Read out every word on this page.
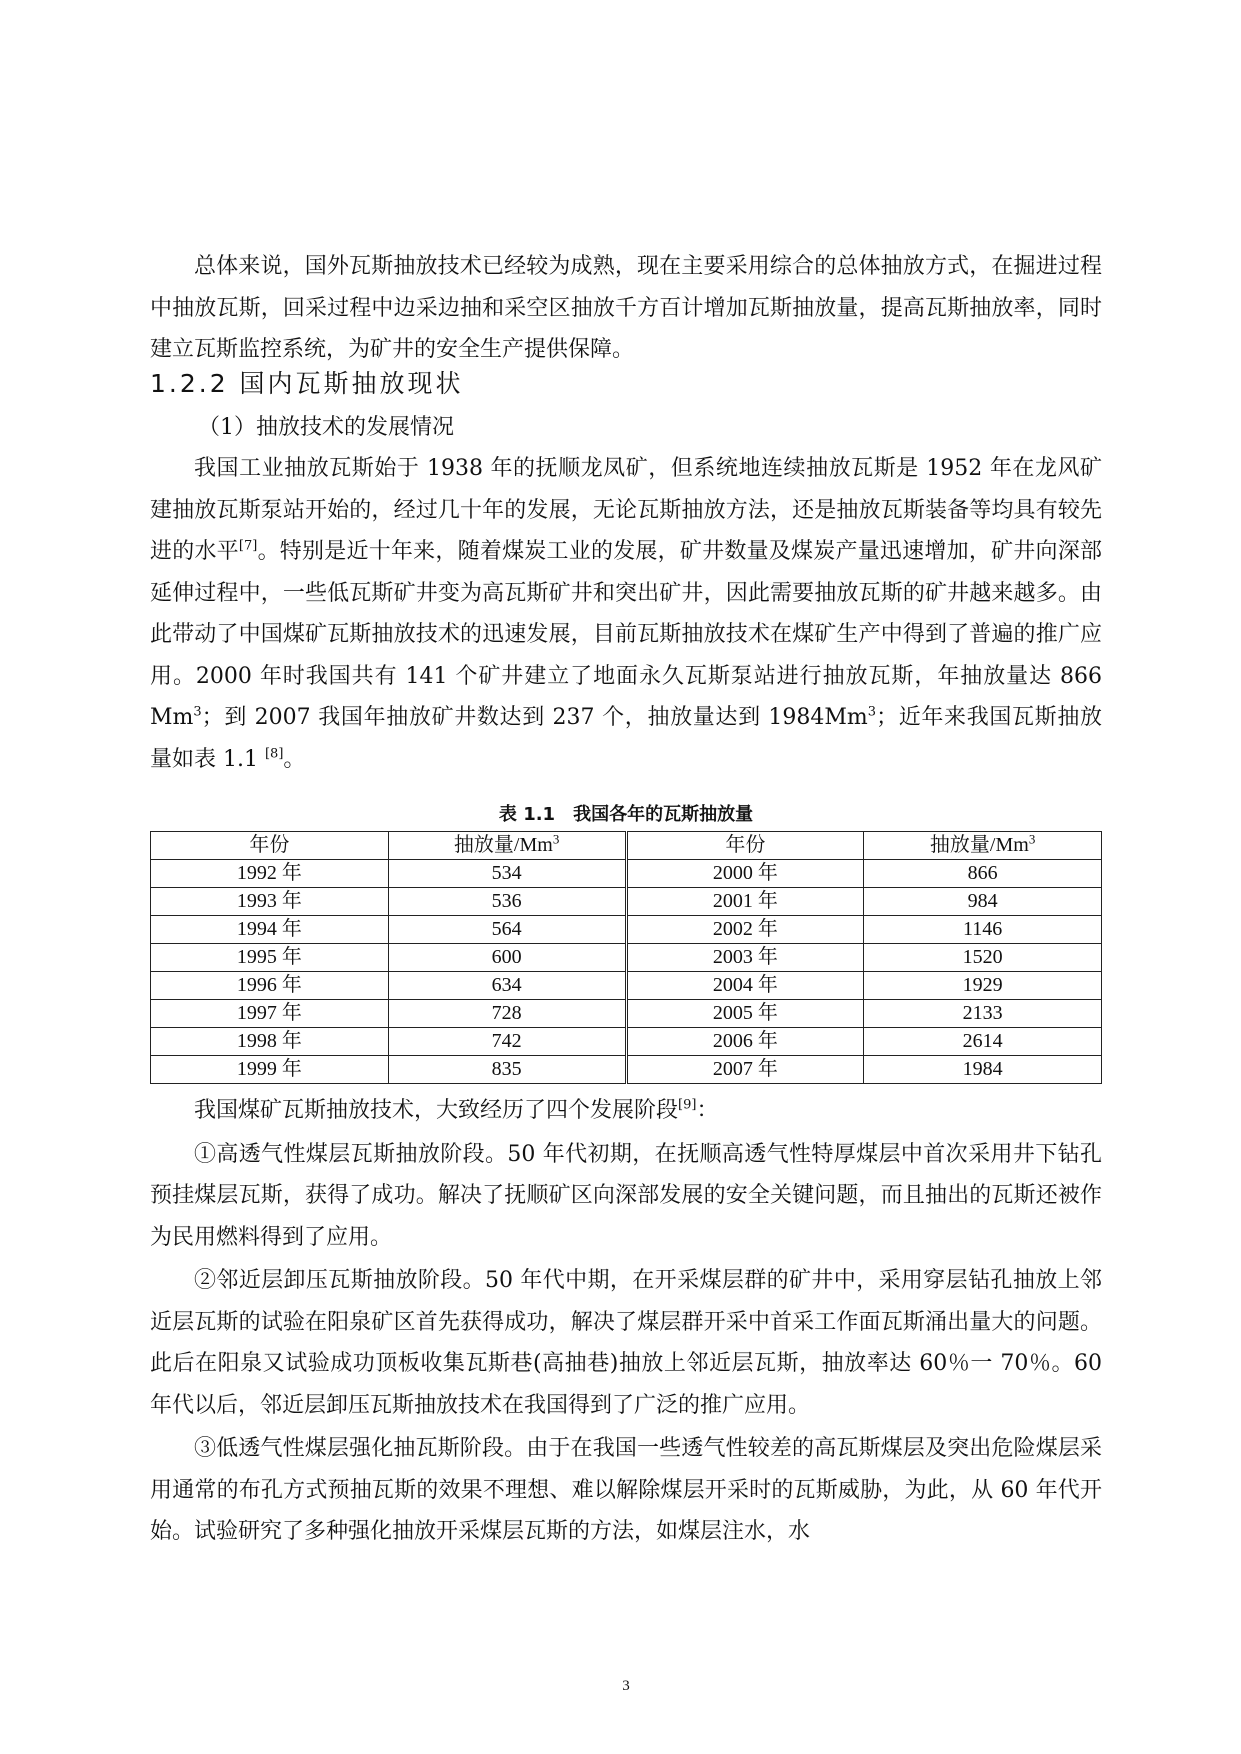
总体来说，国外瓦斯抽放技术已经较为成熟，现在主要采用综合的总体抽放方式，在掘进过程中抽放瓦斯，回采过程中边采边抽和采空区抽放千方百计增加瓦斯抽放量，提高瓦斯抽放率，同时建立瓦斯监控系统，为矿井的安全生产提供保障。

1.2.2 国内瓦斯抽放现状
（1）抽放技术的发展情况

我国工业抽放瓦斯始于 1938 年的抚顺龙凤矿，但系统地连续抽放瓦斯是 1952 年在龙风矿建抽放瓦斯泵站开始的，经过几十年的发展，无论瓦斯抽放方法，还是抽放瓦斯装备等均具有较先进的水平[7]。特别是近十年来，随着煤炭工业的发展，矿井数量及煤炭产量迅速增加，矿井向深部延伸过程中，一些低瓦斯矿井变为高瓦斯矿井和突出矿井，因此需要抽放瓦斯的矿井越来越多。由此带动了中国煤矿瓦斯抽放技术的迅速发展，目前瓦斯抽放技术在煤矿生产中得到了普遍的推广应用。2000 年时我国共有 141 个矿井建立了地面永久瓦斯泵站进行抽放瓦斯，年抽放量达 866 Mm$^3$；到 2007 我国年抽放矿井数达到 237 个，抽放量达到 1984Mm$^3$；近年来我国瓦斯抽放量如表 1.1 [8]。

表 1.1　我国各年的瓦斯抽放量
年份	抽放量/Mm$^3$	年份	抽放量/Mm$^3$
1992 年	534	2000 年	866
1993 年	536	2001 年	984
1994 年	564	2002 年	1146
1995 年	600	2003 年	1520
1996 年	634	2004 年	1929
1997 年	728	2005 年	2133
1998 年	742	2006 年	2614
1999 年	835	2007 年	1984

我国煤矿瓦斯抽放技术，大致经历了四个发展阶段[9]：

①高透气性煤层瓦斯抽放阶段。50 年代初期，在抚顺高透气性特厚煤层中首次采用井下钻孔预挂煤层瓦斯，获得了成功。解决了抚顺矿区向深部发展的安全关键问题，而且抽出的瓦斯还被作为民用燃料得到了应用。

②邻近层卸压瓦斯抽放阶段。50 年代中期，在开采煤层群的矿井中，采用穿层钻孔抽放上邻近层瓦斯的试验在阳泉矿区首先获得成功，解决了煤层群开采中首采工作面瓦斯涌出量大的问题。此后在阳泉又试验成功顶板收集瓦斯巷(高抽巷)抽放上邻近层瓦斯，抽放率达 60％一 70％。60 年代以后，邻近层卸压瓦斯抽放技术在我国得到了广泛的推广应用。

③低透气性煤层强化抽瓦斯阶段。由于在我国一些透气性较差的高瓦斯煤层及突出危险煤层采用通常的布孔方式预抽瓦斯的效果不理想、难以解除煤层开采时的瓦斯威胁，为此，从 60 年代开始。试验研究了多种强化抽放开采煤层瓦斯的方法，如煤层注水，水

3
